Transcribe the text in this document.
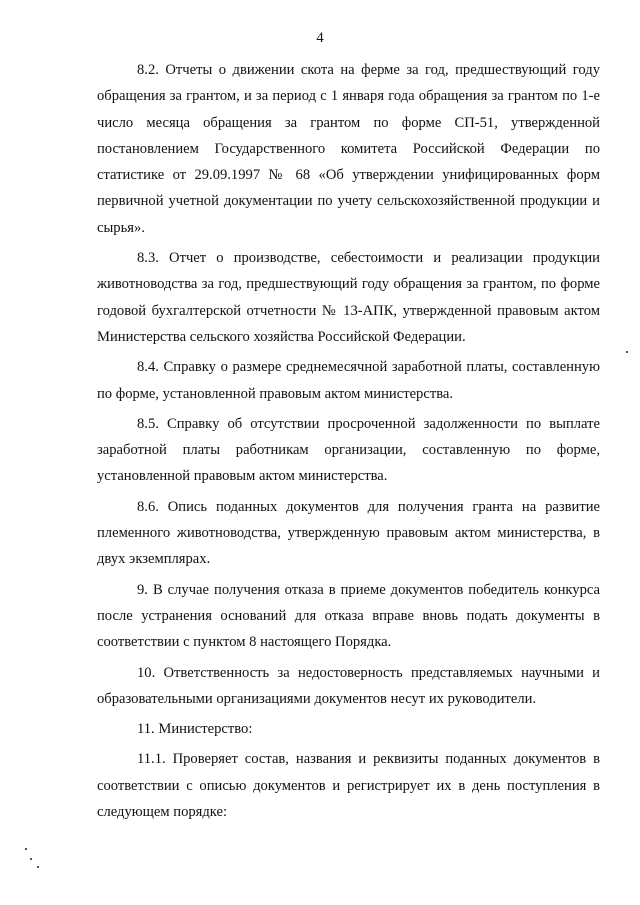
4

8.2. Отчеты о движении скота на ферме за год, предшествующий году обращения за грантом, и за период с 1 января года обращения за грантом по 1-е число месяца обращения за грантом по форме СП-51, утвержденной постановлением Государственного комитета Российской Федерации по статистике от 29.09.1997 № 68 «Об утверждении унифицированных форм первичной учетной документации по учету сельскохозяйственной продукции и сырья».

8.3. Отчет о производстве, себестоимости и реализации продукции животноводства за год, предшествующий году обращения за грантом, по форме годовой бухгалтерской отчетности № 13-АПК, утвержденной правовым актом Министерства сельского хозяйства Российской Федерации.

8.4. Справку о размере среднемесячной заработной платы, составленную по форме, установленной правовым актом министерства.

8.5. Справку об отсутствии просроченной задолженности по выплате заработной платы работникам организации, составленную по форме, установленной правовым актом министерства.

8.6. Опись поданных документов для получения гранта на развитие племенного животноводства, утвержденную правовым актом министерства, в двух экземплярах.

9. В случае получения отказа в приеме документов победитель конкурса после устранения оснований для отказа вправе вновь подать документы в соответствии с пунктом 8 настоящего Порядка.

10. Ответственность за недостоверность представляемых научными и образовательными организациями документов несут их руководители.

11. Министерство:

11.1. Проверяет состав, названия и реквизиты поданных документов в соответствии с описью документов и регистрирует их в день поступления в следующем порядке:
